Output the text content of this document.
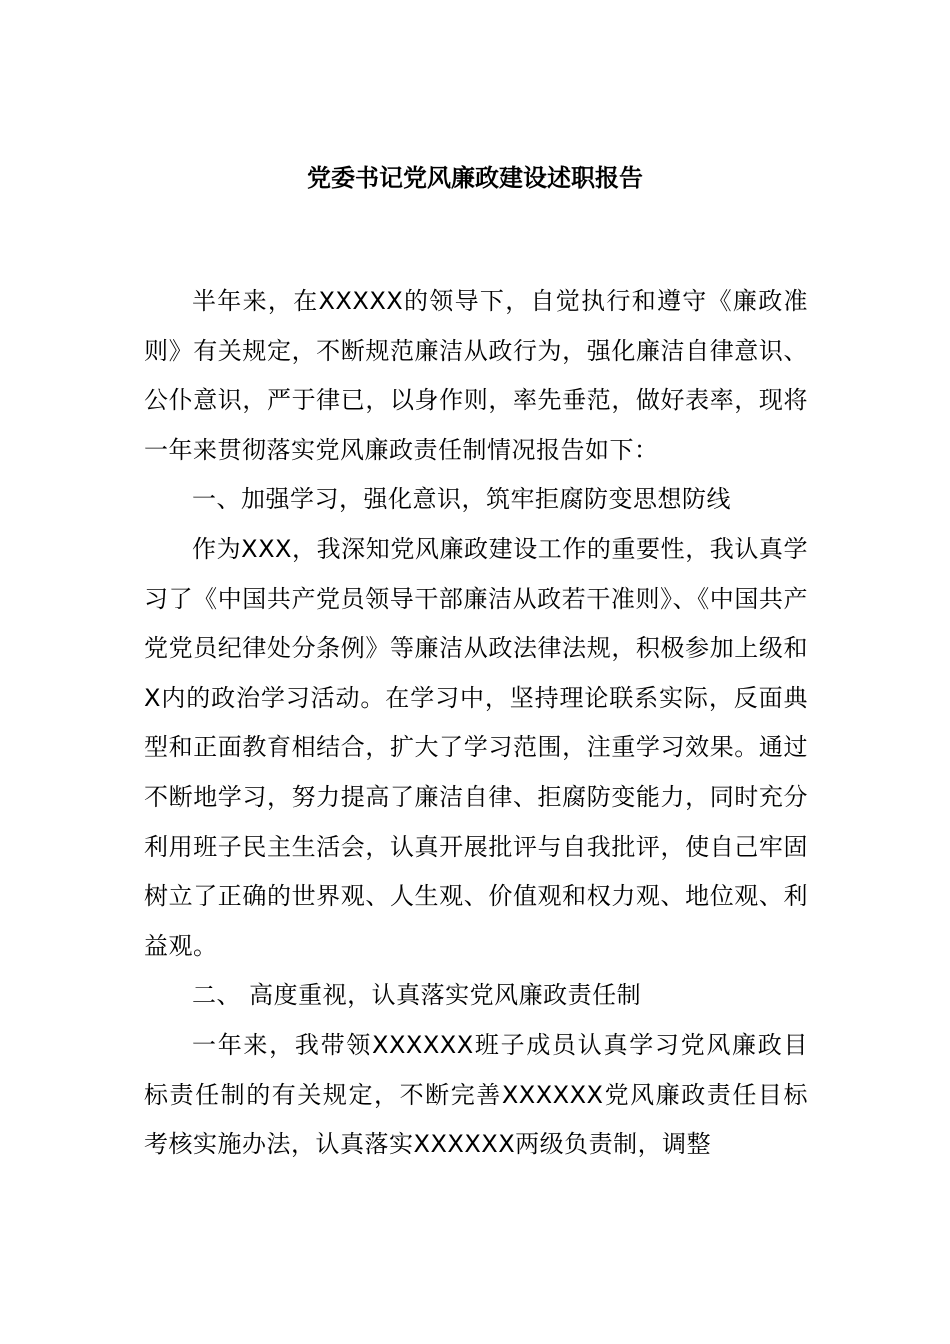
党委书记党风廉政建设述职报告

半年来，在XXXXX的领导下，自觉执行和遵守《廉政准则》有关规定，不断规范廉洁从政行为，强化廉洁自律意识、公仆意识，严于律已，以身作则，率先垂范，做好表率，现将一年来贯彻落实党风廉政责任制情况报告如下：

一、加强学习，强化意识，筑牢拒腐防变思想防线

作为XXX，我深知党风廉政建设工作的重要性，我认真学习了《中国共产党员领导干部廉洁从政若干准则》、《中国共产党党员纪律处分条例》等廉洁从政法律法规，积极参加上级和X内的政治学习活动。在学习中，坚持理论联系实际，反面典型和正面教育相结合，扩大了学习范围，注重学习效果。通过不断地学习，努力提高了廉洁自律、拒腐防变能力，同时充分利用班子民主生活会，认真开展批评与自我批评，使自己牢固树立了正确的世界观、人生观、价值观和权力观、地位观、利益观。

二、 高度重视，认真落实党风廉政责任制

一年来，我带领XXXXXX班子成员认真学习党风廉政目标责任制的有关规定，不断完善XXXXXX党风廉政责任目标考核实施办法，认真落实XXXXXX两级负责制，调整
